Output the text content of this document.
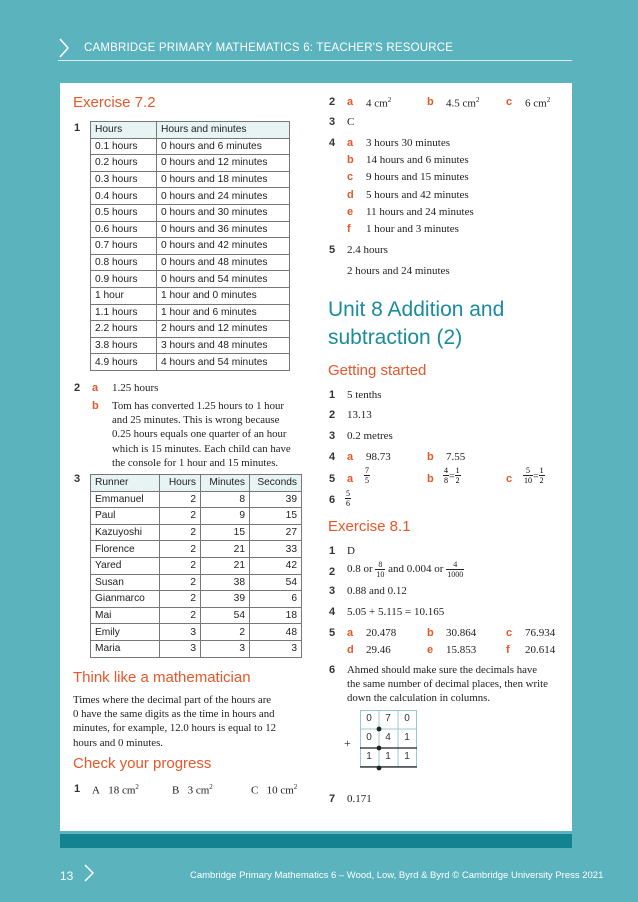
CAMBRIDGE PRIMARY MATHEMATICS 6: TEACHER'S RESOURCE
Exercise 7.2
1 Hours	Hours and minutes
0.1 hours	0 hours and 6 minutes
0.2 hours	0 hours and 12 minutes
0.3 hours	0 hours and 18 minutes
0.4 hours	0 hours and 24 minutes
0.5 hours	0 hours and 30 minutes
0.6 hours	0 hours and 36 minutes
0.7 hours	0 hours and 42 minutes
0.8 hours	0 hours and 48 minutes
0.9 hours	0 hours and 54 minutes
1 hour	1 hour and 0 minutes
1.1 hours	1 hour and 6 minutes
2.2 hours	2 hours and 12 minutes
3.8 hours	3 hours and 48 minutes
4.9 hours	4 hours and 54 minutes
2 a 1.25 hours
b Tom has converted 1.25 hours to 1 hour
and 25 minutes. This is wrong because
0.25 hours equals one quarter of an hour
which is 15 minutes. Each child can have
the console for 1 hour and 15 minutes.
3 Runner	Hours	Minutes	Seconds
Emmanuel	2	8	39
Paul	2	9	15
Kazuyoshi	2	15	27
Florence	2	21	33
Yared	2	21	42
Susan	2	38	54
Gianmarco	2	39	6
Mai	2	54	18
Emily	3	2	48
Maria	3	3	3
Think like a mathematician
Times where the decimal part of the hours are
0 have the same digits as the time in hours and
minutes, for example, 12.0 hours is equal to 12
hours and 0 minutes.
Check your progress
1 A 18 $cm^2$	B 3 $cm^2$	C 10 $cm^2$
2 a 4 $cm^2$	b 4.5 $cm^2$ c 6 $cm^2$
3 C
4 a 3 hours 30 minutes
b 14 hours and 6 minutes
c 9 hours and 15 minutes
d 5 hours and 42 minutes
e 11 hours and 24 minutes
f 1 hour and 3 minutes
5 2.4 hours
2 hours and 24 minutes
Unit 8 Addition and
subtraction (2)
Getting started
1 5 tenths
2 13.13
3 0.2 metres
4 a 98.73	b 7.55
5 a $\frac{7}{5}$	b $\frac{4}{8} = \frac{1}{2}$	c $\frac{5}{10} = \frac{1}{2}$
$6 \frac{5}{6}$
Exercise 8.1
1 D
2 0.8 or $\frac{8}{10}$ and 0.004 or $\frac{4}{1000}$
3 0.88 and 0.12
4 5.05 + 5.115 = 10.165
5 a 20.478	b 30.864	c 76.934
d 29.46	e 15.853	f 20.614
6 Ahmed should make sure the decimals have
the same number of decimal places, then write
down the calculation in columns.
0	7	0
0	4	1
1	1	1
+
7 0.171
13	Cambridge Primary Mathematics 6 – Wood, Low, Byrd & Byrd © Cambridge University Press 2021
